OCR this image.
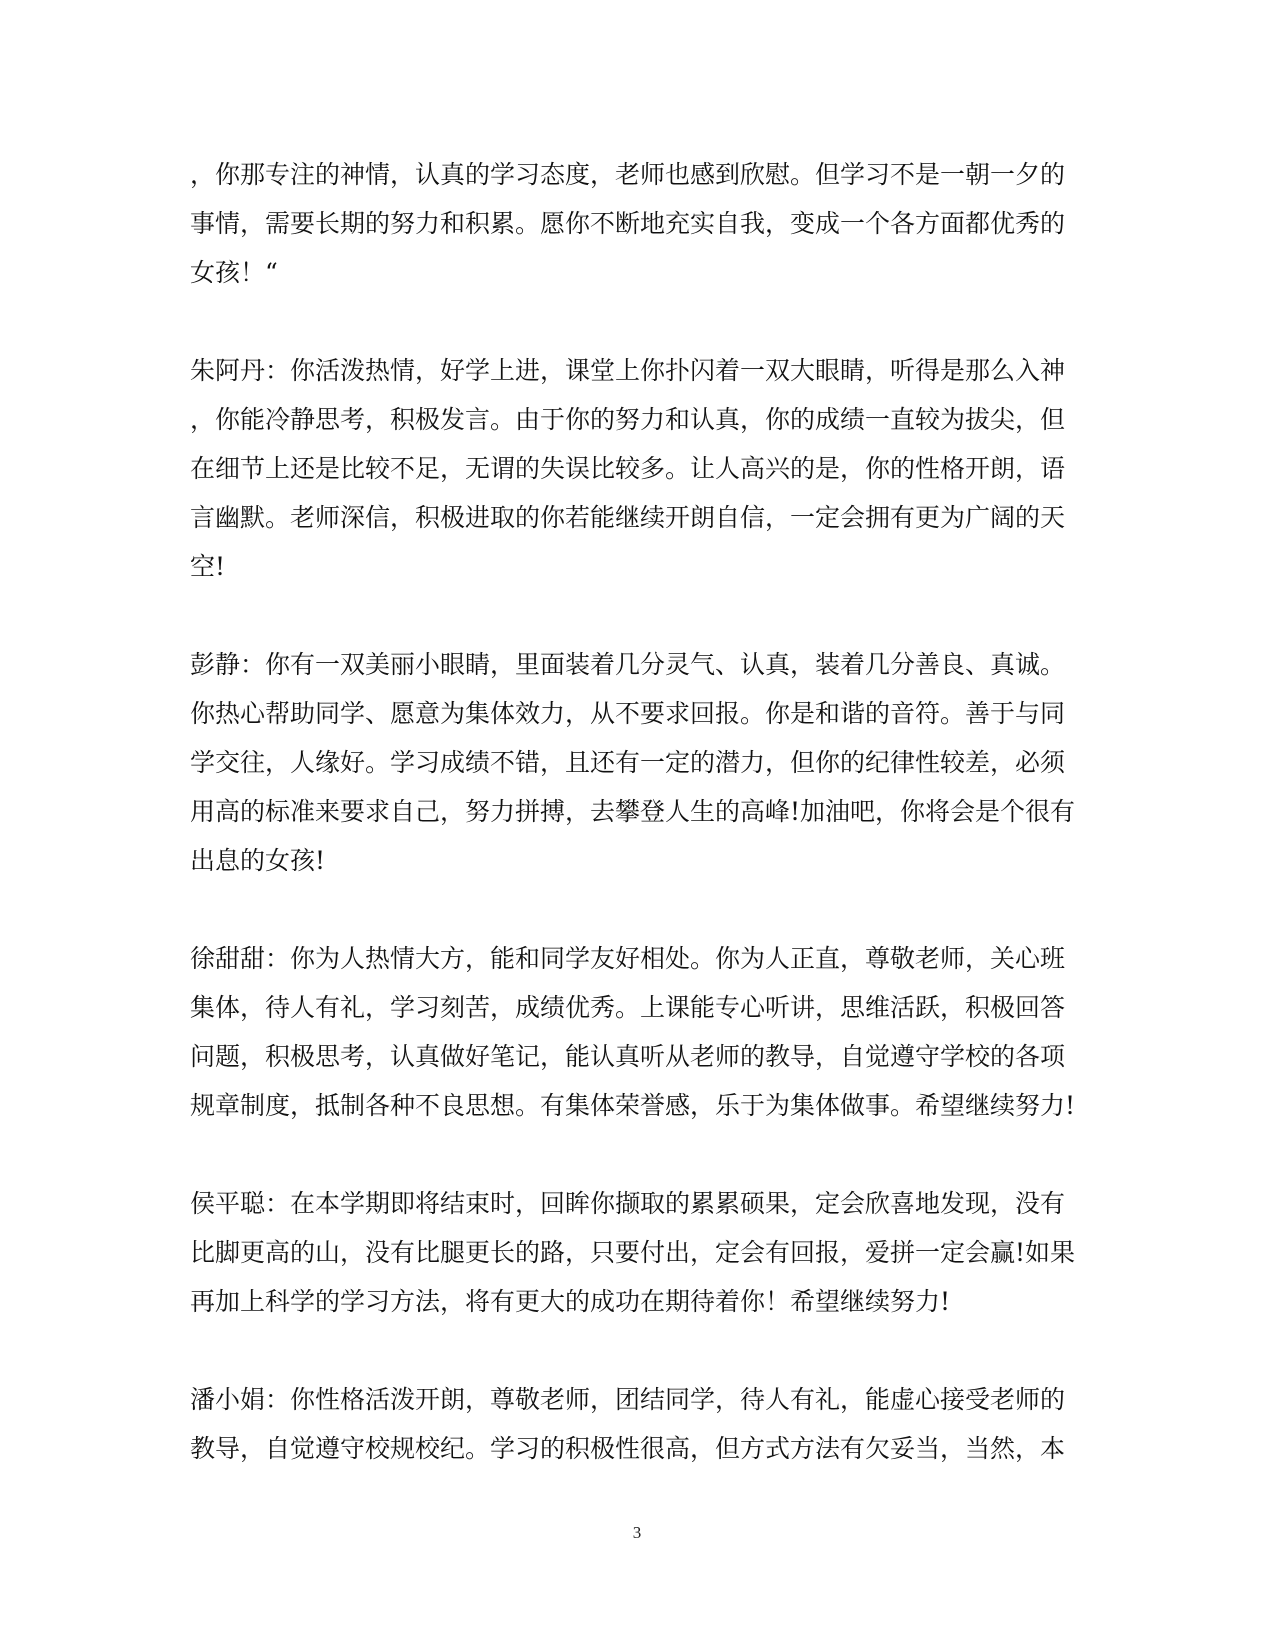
，你那专注的神情，认真的学习态度，老师也感到欣慰。但学习不是一朝一夕的
事情，需要长期的努力和积累。愿你不断地充实自我，变成一个各方面都优秀的
女孩！“

朱阿丹：你活泼热情，好学上进，课堂上你扑闪着一双大眼睛，听得是那么入神
，你能冷静思考，积极发言。由于你的努力和认真，你的成绩一直较为拔尖，但
在细节上还是比较不足，无谓的失误比较多。让人高兴的是，你的性格开朗，语
言幽默。老师深信，积极进取的你若能继续开朗自信，一定会拥有更为广阔的天
空!

彭静：你有一双美丽小眼睛，里面装着几分灵气、认真，装着几分善良、真诚。
你热心帮助同学、愿意为集体效力，从不要求回报。你是和谐的音符。善于与同
学交往，人缘好。学习成绩不错，且还有一定的潜力，但你的纪律性较差，必须
用高的标准来要求自己，努力拼搏，去攀登人生的高峰!加油吧，你将会是个很有
出息的女孩!

徐甜甜：你为人热情大方，能和同学友好相处。你为人正直，尊敬老师，关心班
集体，待人有礼，学习刻苦，成绩优秀。上课能专心听讲，思维活跃，积极回答
问题，积极思考，认真做好笔记，能认真听从老师的教导，自觉遵守学校的各项
规章制度，抵制各种不良思想。有集体荣誉感，乐于为集体做事。希望继续努力!

侯平聪：在本学期即将结束时，回眸你撷取的累累硕果，定会欣喜地发现，没有
比脚更高的山，没有比腿更长的路，只要付出，定会有回报，爱拼一定会赢!如果
再加上科学的学习方法，将有更大的成功在期待着你！希望继续努力!

潘小娟：你性格活泼开朗，尊敬老师，团结同学，待人有礼，能虚心接受老师的
教导，自觉遵守校规校纪。学习的积极性很高，但方式方法有欠妥当，当然，本

3
